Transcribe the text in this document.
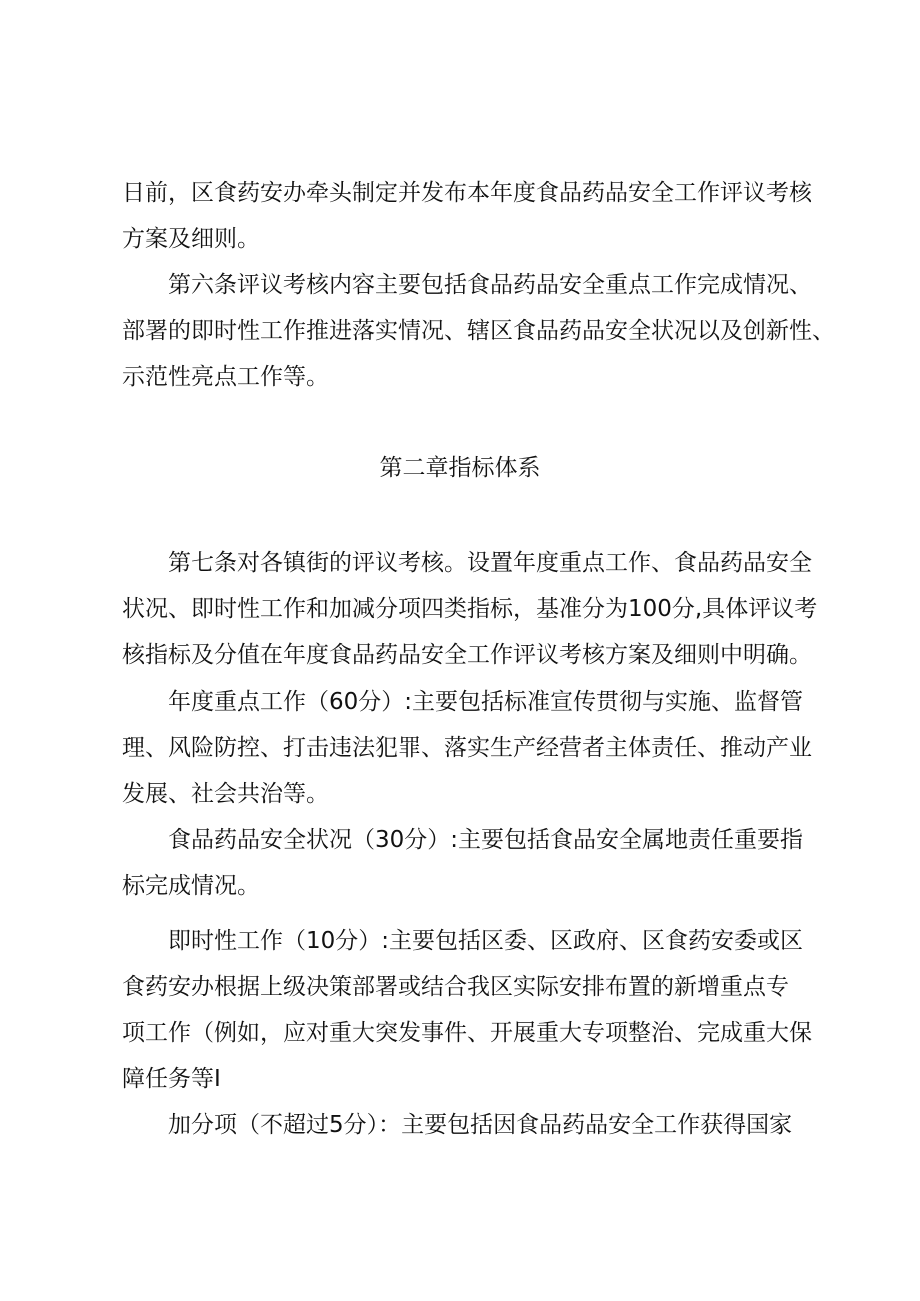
日前，区食药安办牵头制定并发布本年度食品药品安全工作评议考核
方案及细则。
第六条评议考核内容主要包括食品药品安全重点工作完成情况、
部署的即时性工作推进落实情况、辖区食品药品安全状况以及创新性、
示范性亮点工作等。
第二章指标体系
第七条对各镇街的评议考核。设置年度重点工作、食品药品安全
状况、即时性工作和加减分项四类指标，基准分为100分,具体评议考
核指标及分值在年度食品药品安全工作评议考核方案及细则中明确。
年度重点工作（60分）:主要包括标准宣传贯彻与实施、监督管
理、风险防控、打击违法犯罪、落实生产经营者主体责任、推动产业
发展、社会共治等。
食品药品安全状况（30分）:主要包括食品安全属地责任重要指
标完成情况。
即时性工作（10分）:主要包括区委、区政府、区食药安委或区
食药安办根据上级决策部署或结合我区实际安排布置的新增重点专
项工作（例如，应对重大突发事件、开展重大专项整治、完成重大保
障任务等I
加分项（不超过5分）：主要包括因食品药品安全工作获得国家
